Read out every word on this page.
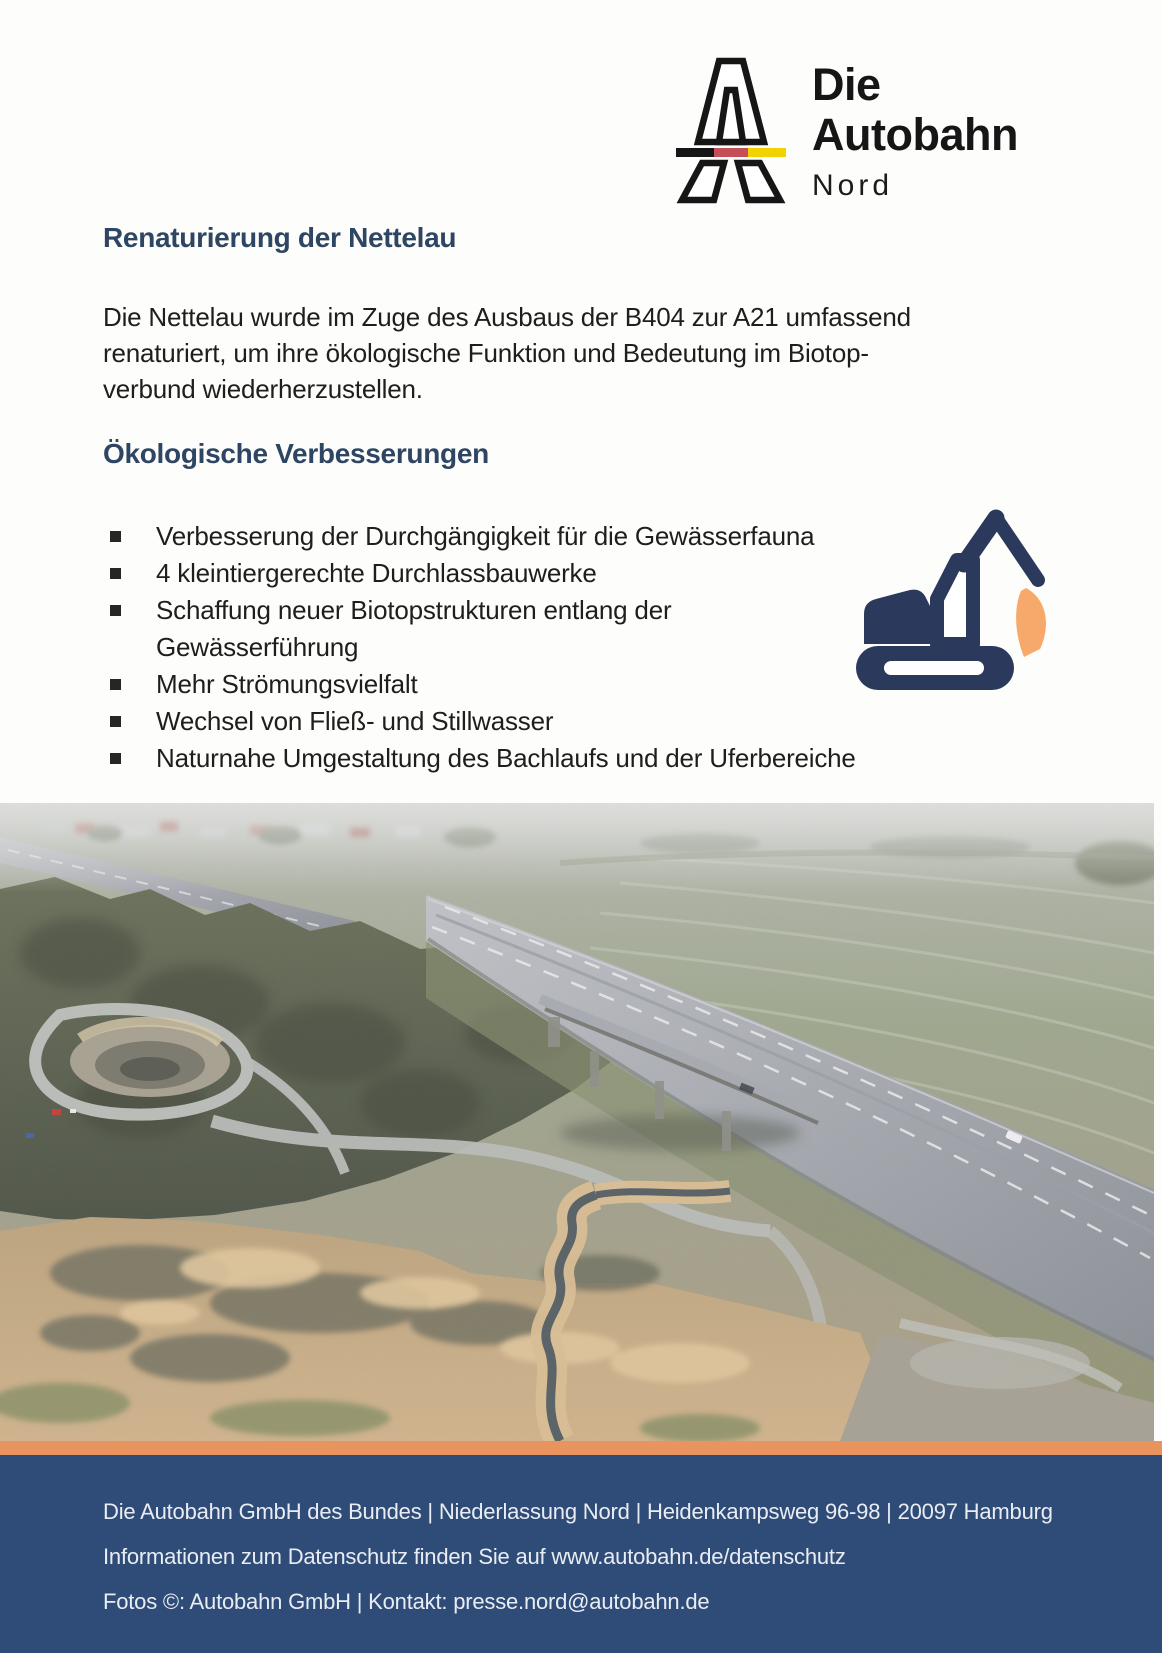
Die
Autobahn
Nord
Renaturierung der Nettelau
Die Nettelau wurde im Zuge des Ausbaus der B404 zur A21 umfassend
renaturiert, um ihre ökologische Funktion und Bedeutung im Biotop-
verbund wiederherzustellen.
Ökologische Verbesserungen
Verbesserung der Durchgängigkeit für die Gewässerfauna
4 kleintiergerechte Durchlassbauwerke
Schaffung neuer Biotopstrukturen entlang der
Gewässerführung
Mehr Strömungsvielfalt
Wechsel von Fließ- und Stillwasser
Naturnahe Umgestaltung des Bachlaufs und der Uferbereiche
Die Autobahn GmbH des Bundes | Niederlassung Nord | Heidenkampsweg 96-98 | 20097 Hamburg
Informationen zum Datenschutz finden Sie auf www.autobahn.de/datenschutz
Fotos ©: Autobahn GmbH | Kontakt: presse.nord@autobahn.de
